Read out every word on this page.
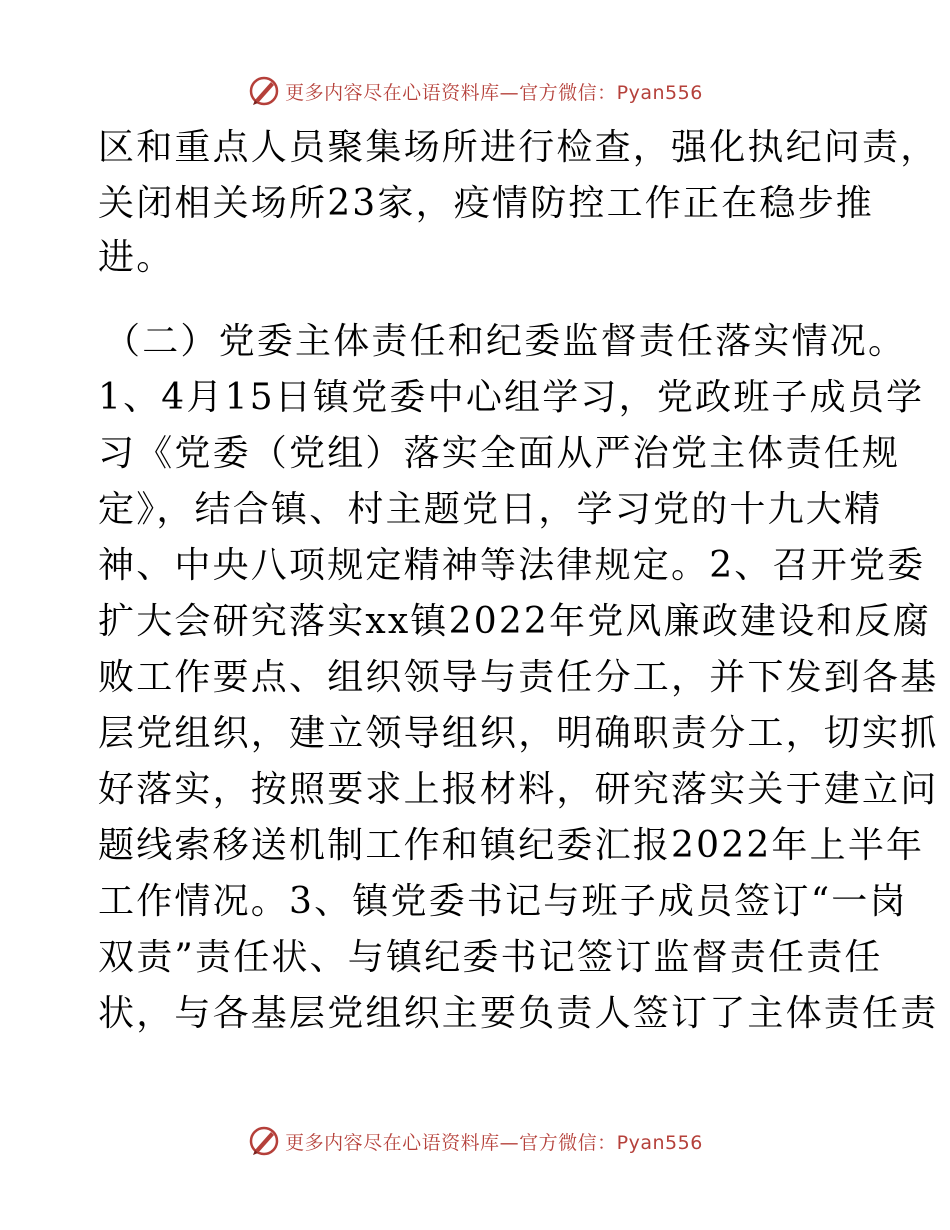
更多内容尽在心语资料库—官方微信：Pyan556
区和重点人员聚集场所进行检查，强化执纪问责，
关闭相关场所23家，疫情防控工作正在稳步推
进。
（二）党委主体责任和纪委监督责任落实情况。
1、4月15日镇党委中心组学习，党政班子成员学
习《党委（党组）落实全面从严治党主体责任规
定》，结合镇、村主题党日，学习党的十九大精
神、中央八项规定精神等法律规定。2、召开党委
扩大会研究落实xx镇2022年党风廉政建设和反腐
败工作要点、组织领导与责任分工，并下发到各基
层党组织，建立领导组织，明确职责分工，切实抓
好落实，按照要求上报材料，研究落实关于建立问
题线索移送机制工作和镇纪委汇报2022年上半年
工作情况。3、镇党委书记与班子成员签订“一岗
双责”责任状、与镇纪委书记签订监督责任责任
状，与各基层党组织主要负责人签订了主体责任责
更多内容尽在心语资料库—官方微信：Pyan556
